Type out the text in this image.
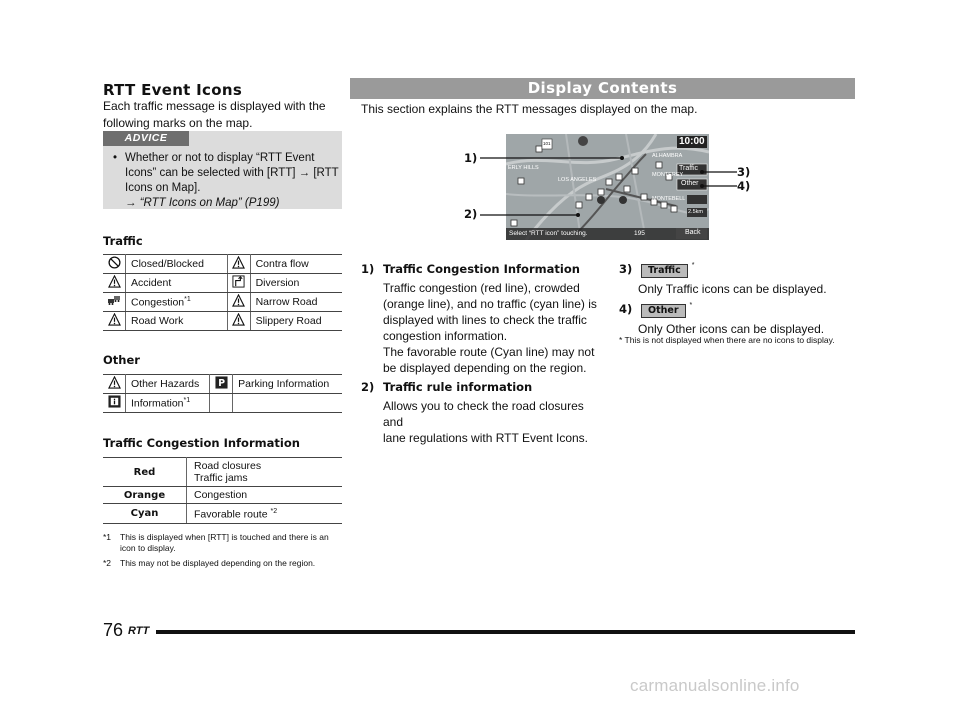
RTT Event Icons
Each traffic message is displayed with the
following marks on the map.
ADVICE
• Whether or not to display “RTT Event
Icons” can be selected with [RTT] → [RTT
Icons on Map].
→ “RTT Icons on Map” (P199)
Traffic
	Closed/Blocked		Contra flow
	Accident		Diversion
	Congestion$^{*1}$		Narrow Road
	Road Work		Slippery Road
Other
	Other Hazards	P	Parking Information
	Information$^{*1}$		
Traffic Congestion Information
Red	Road closures
Traffic jams

Orange	Congestion

Cyan	Favorable route $^{*2}$
*1	This is displayed when [RTT] is touched and there is an
icon to display.
*2	This may not be displayed depending on the region.
Display Contents
This section explains the RTT messages displayed on the map.
10:00
Traffic
Other
Back
Select “RTT icon” touching.	195
2.5km
101
ALHAMBRA
ERLY HILLS
LOS ANGELES
MONTEBELL
MONTEREY
1)
2)
3)
4)
1) Traffic Congestion Information
Traffic congestion (red line), crowded
(orange line), and no traffic (cyan line) is
displayed with lines to check the traffic
congestion information.
The favorable route (Cyan line) may not
be displayed depending on the region.
2) Traffic rule information
Allows you to check the road closures and
lane regulations with RTT Event Icons.
3) Traffic *
Only Traffic icons can be displayed.
4) Other *
Only Other icons can be displayed.
* This is not displayed when there are no icons to display.
76 RTT
carmanualsonline.info
